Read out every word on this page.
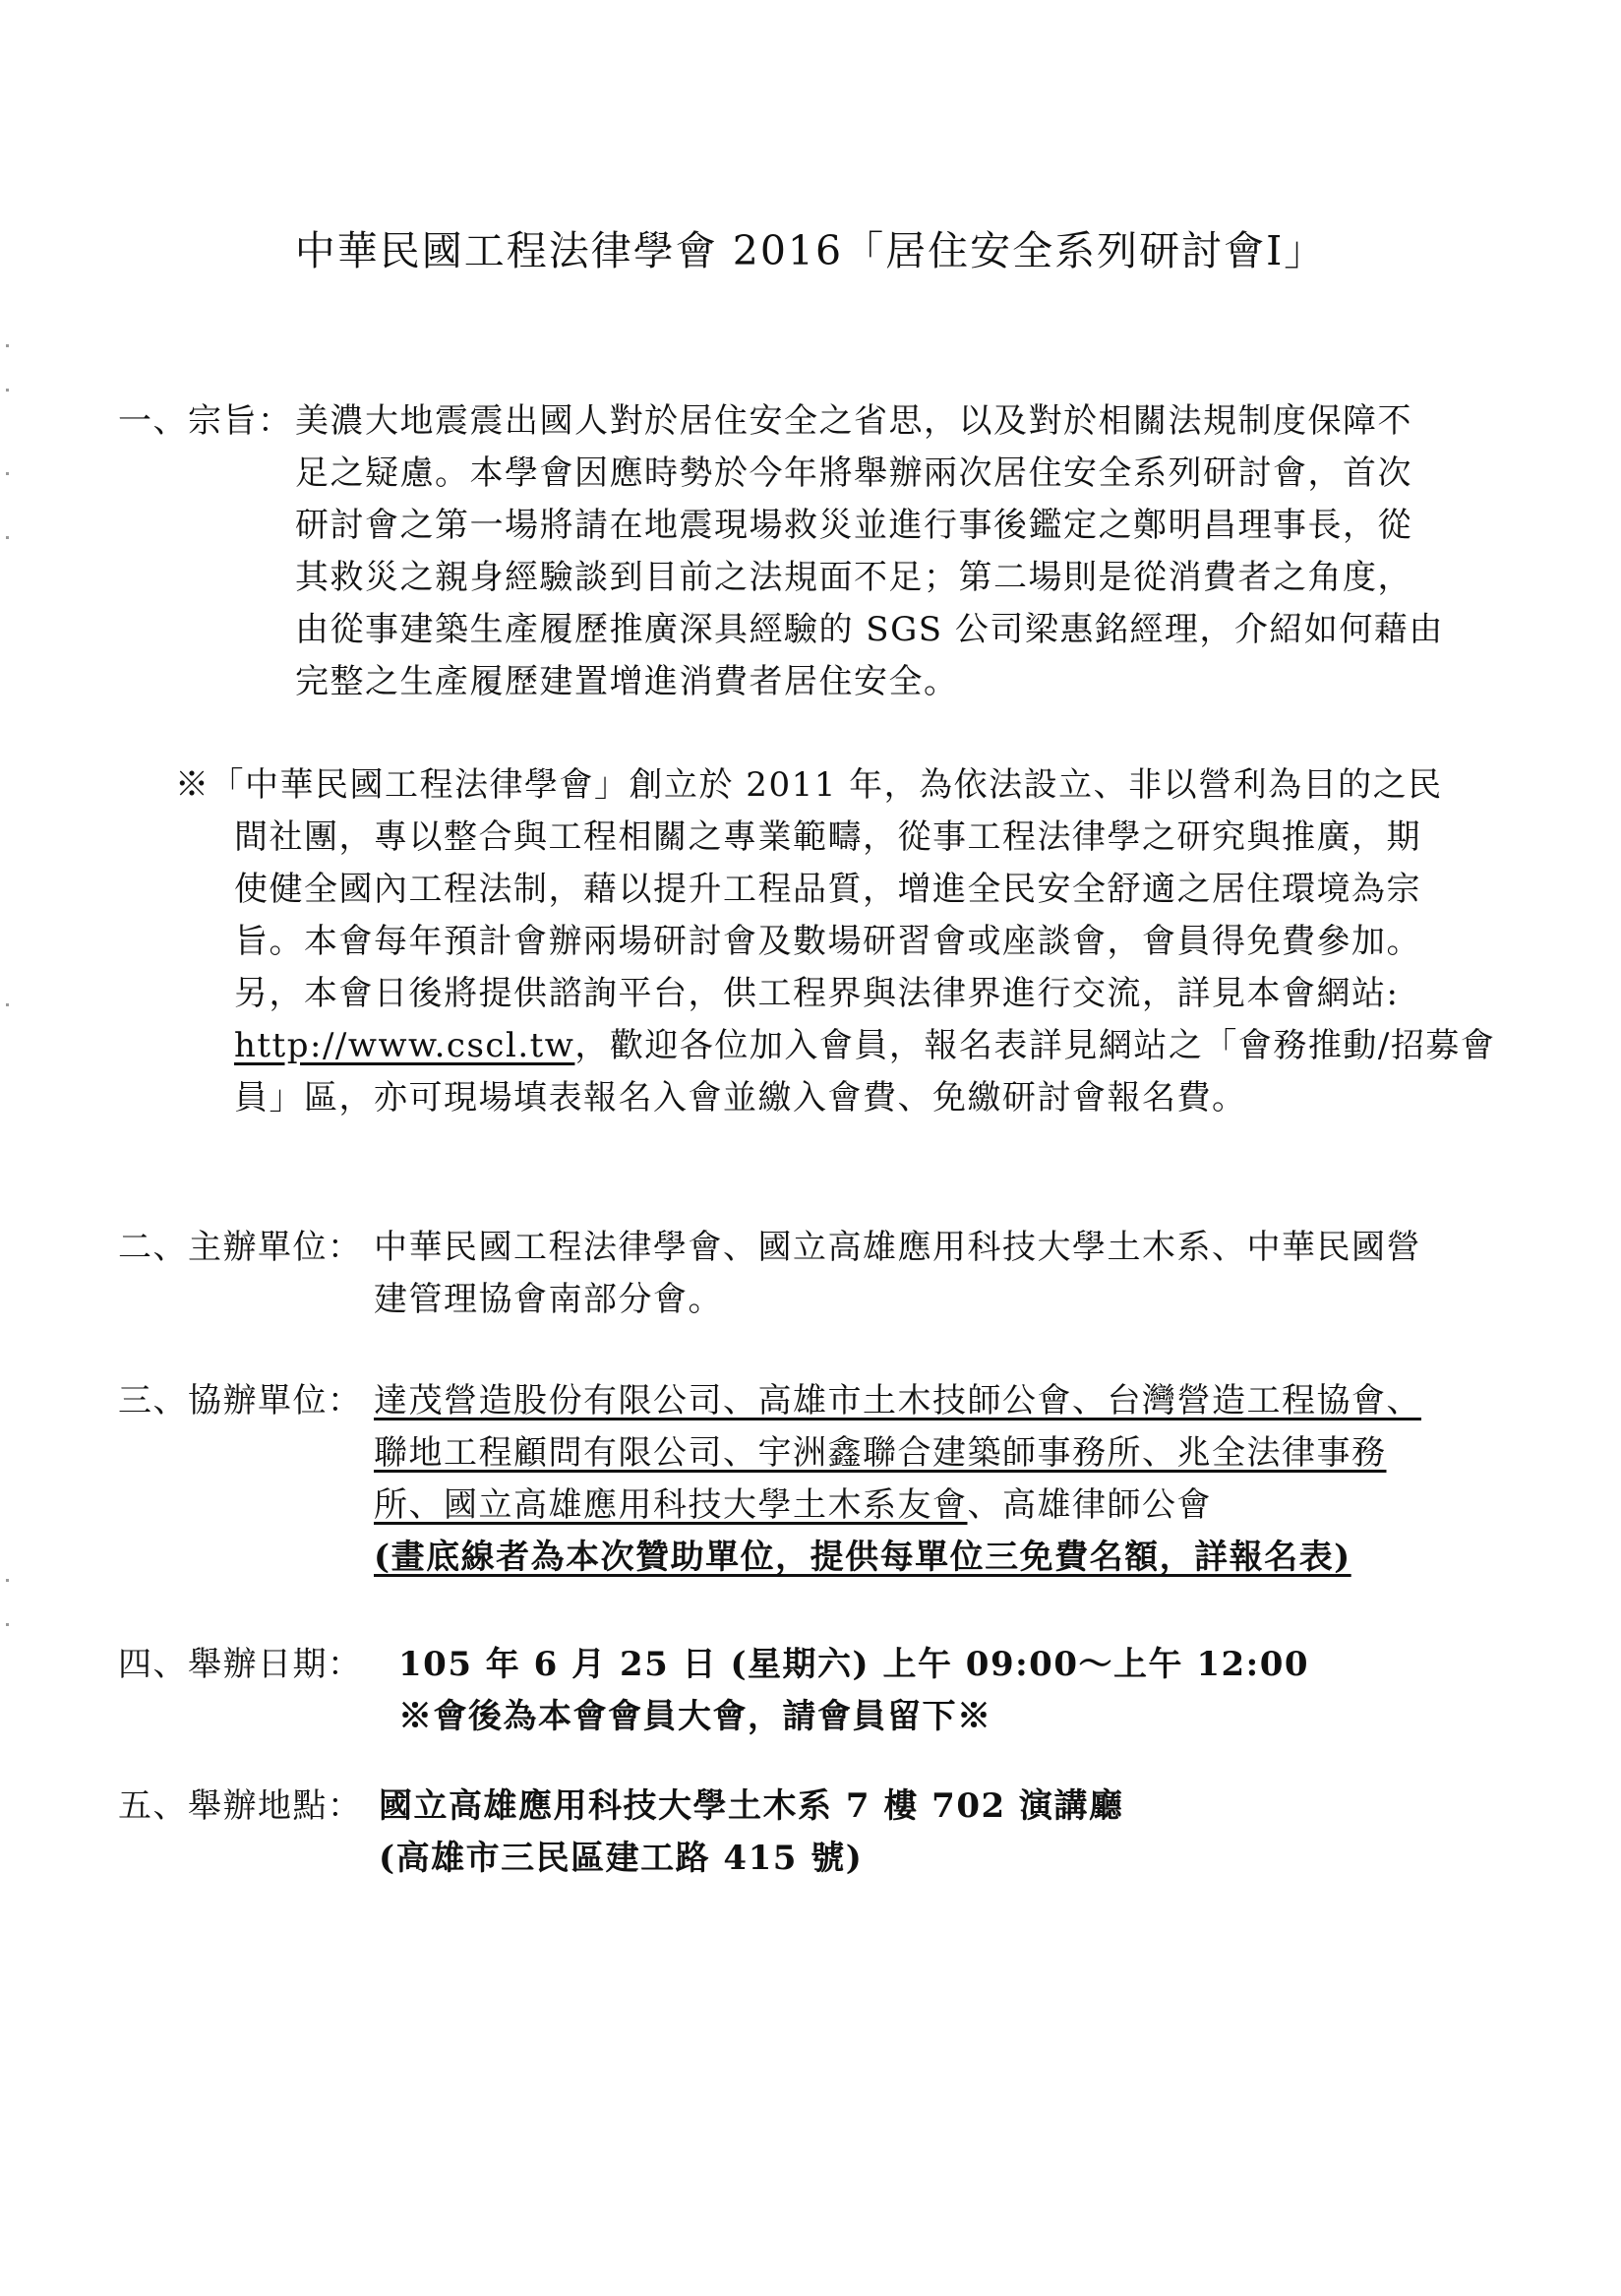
中華民國工程法律學會 2016「居住安全系列研討會Ⅰ」
一、宗旨： 美濃大地震震出國人對於居住安全之省思，以及對於相關法規制度保障不
足之疑慮。本學會因應時勢於今年將舉辦兩次居住安全系列研討會，首次
研討會之第一場將請在地震現場救災並進行事後鑑定之鄭明昌理事長，從
其救災之親身經驗談到目前之法規面不足；第二場則是從消費者之角度，
由從事建築生產履歷推廣深具經驗的 SGS 公司梁惠銘經理，介紹如何藉由
完整之生產履歷建置增進消費者居住安全。
※「中華民國工程法律學會」創立於 2011 年，為依法設立、非以營利為目的之民
間社團，專以整合與工程相關之專業範疇，從事工程法律學之研究與推廣，期
使健全國內工程法制，藉以提升工程品質，增進全民安全舒適之居住環境為宗
旨。本會每年預計會辦兩場研討會及數場研習會或座談會，會員得免費參加。
另，本會日後將提供諮詢平台，供工程界與法律界進行交流，詳見本會網站:
http://www.cscl.tw，歡迎各位加入會員，報名表詳見網站之「會務推動/招募會
員」區，亦可現場填表報名入會並繳入會費、免繳研討會報名費。
二、主辦單位： 中華民國工程法律學會、國立高雄應用科技大學土木系、中華民國營
建管理協會南部分會。
三、協辦單位： 達茂營造股份有限公司、高雄市土木技師公會、台灣營造工程協會、
聯地工程顧問有限公司、宇洲鑫聯合建築師事務所、兆全法律事務
所、國立高雄應用科技大學土木系友會、高雄律師公會
(畫底線者為本次贊助單位，提供每單位三免費名額，詳報名表)
四、舉辦日期： 105 年 6 月 25 日 (星期六) 上午 09:00～上午 12:00
※會後為本會會員大會，請會員留下※
五、舉辦地點： 國立高雄應用科技大學土木系 7 樓 702 演講廳
(高雄市三民區建工路 415 號)
